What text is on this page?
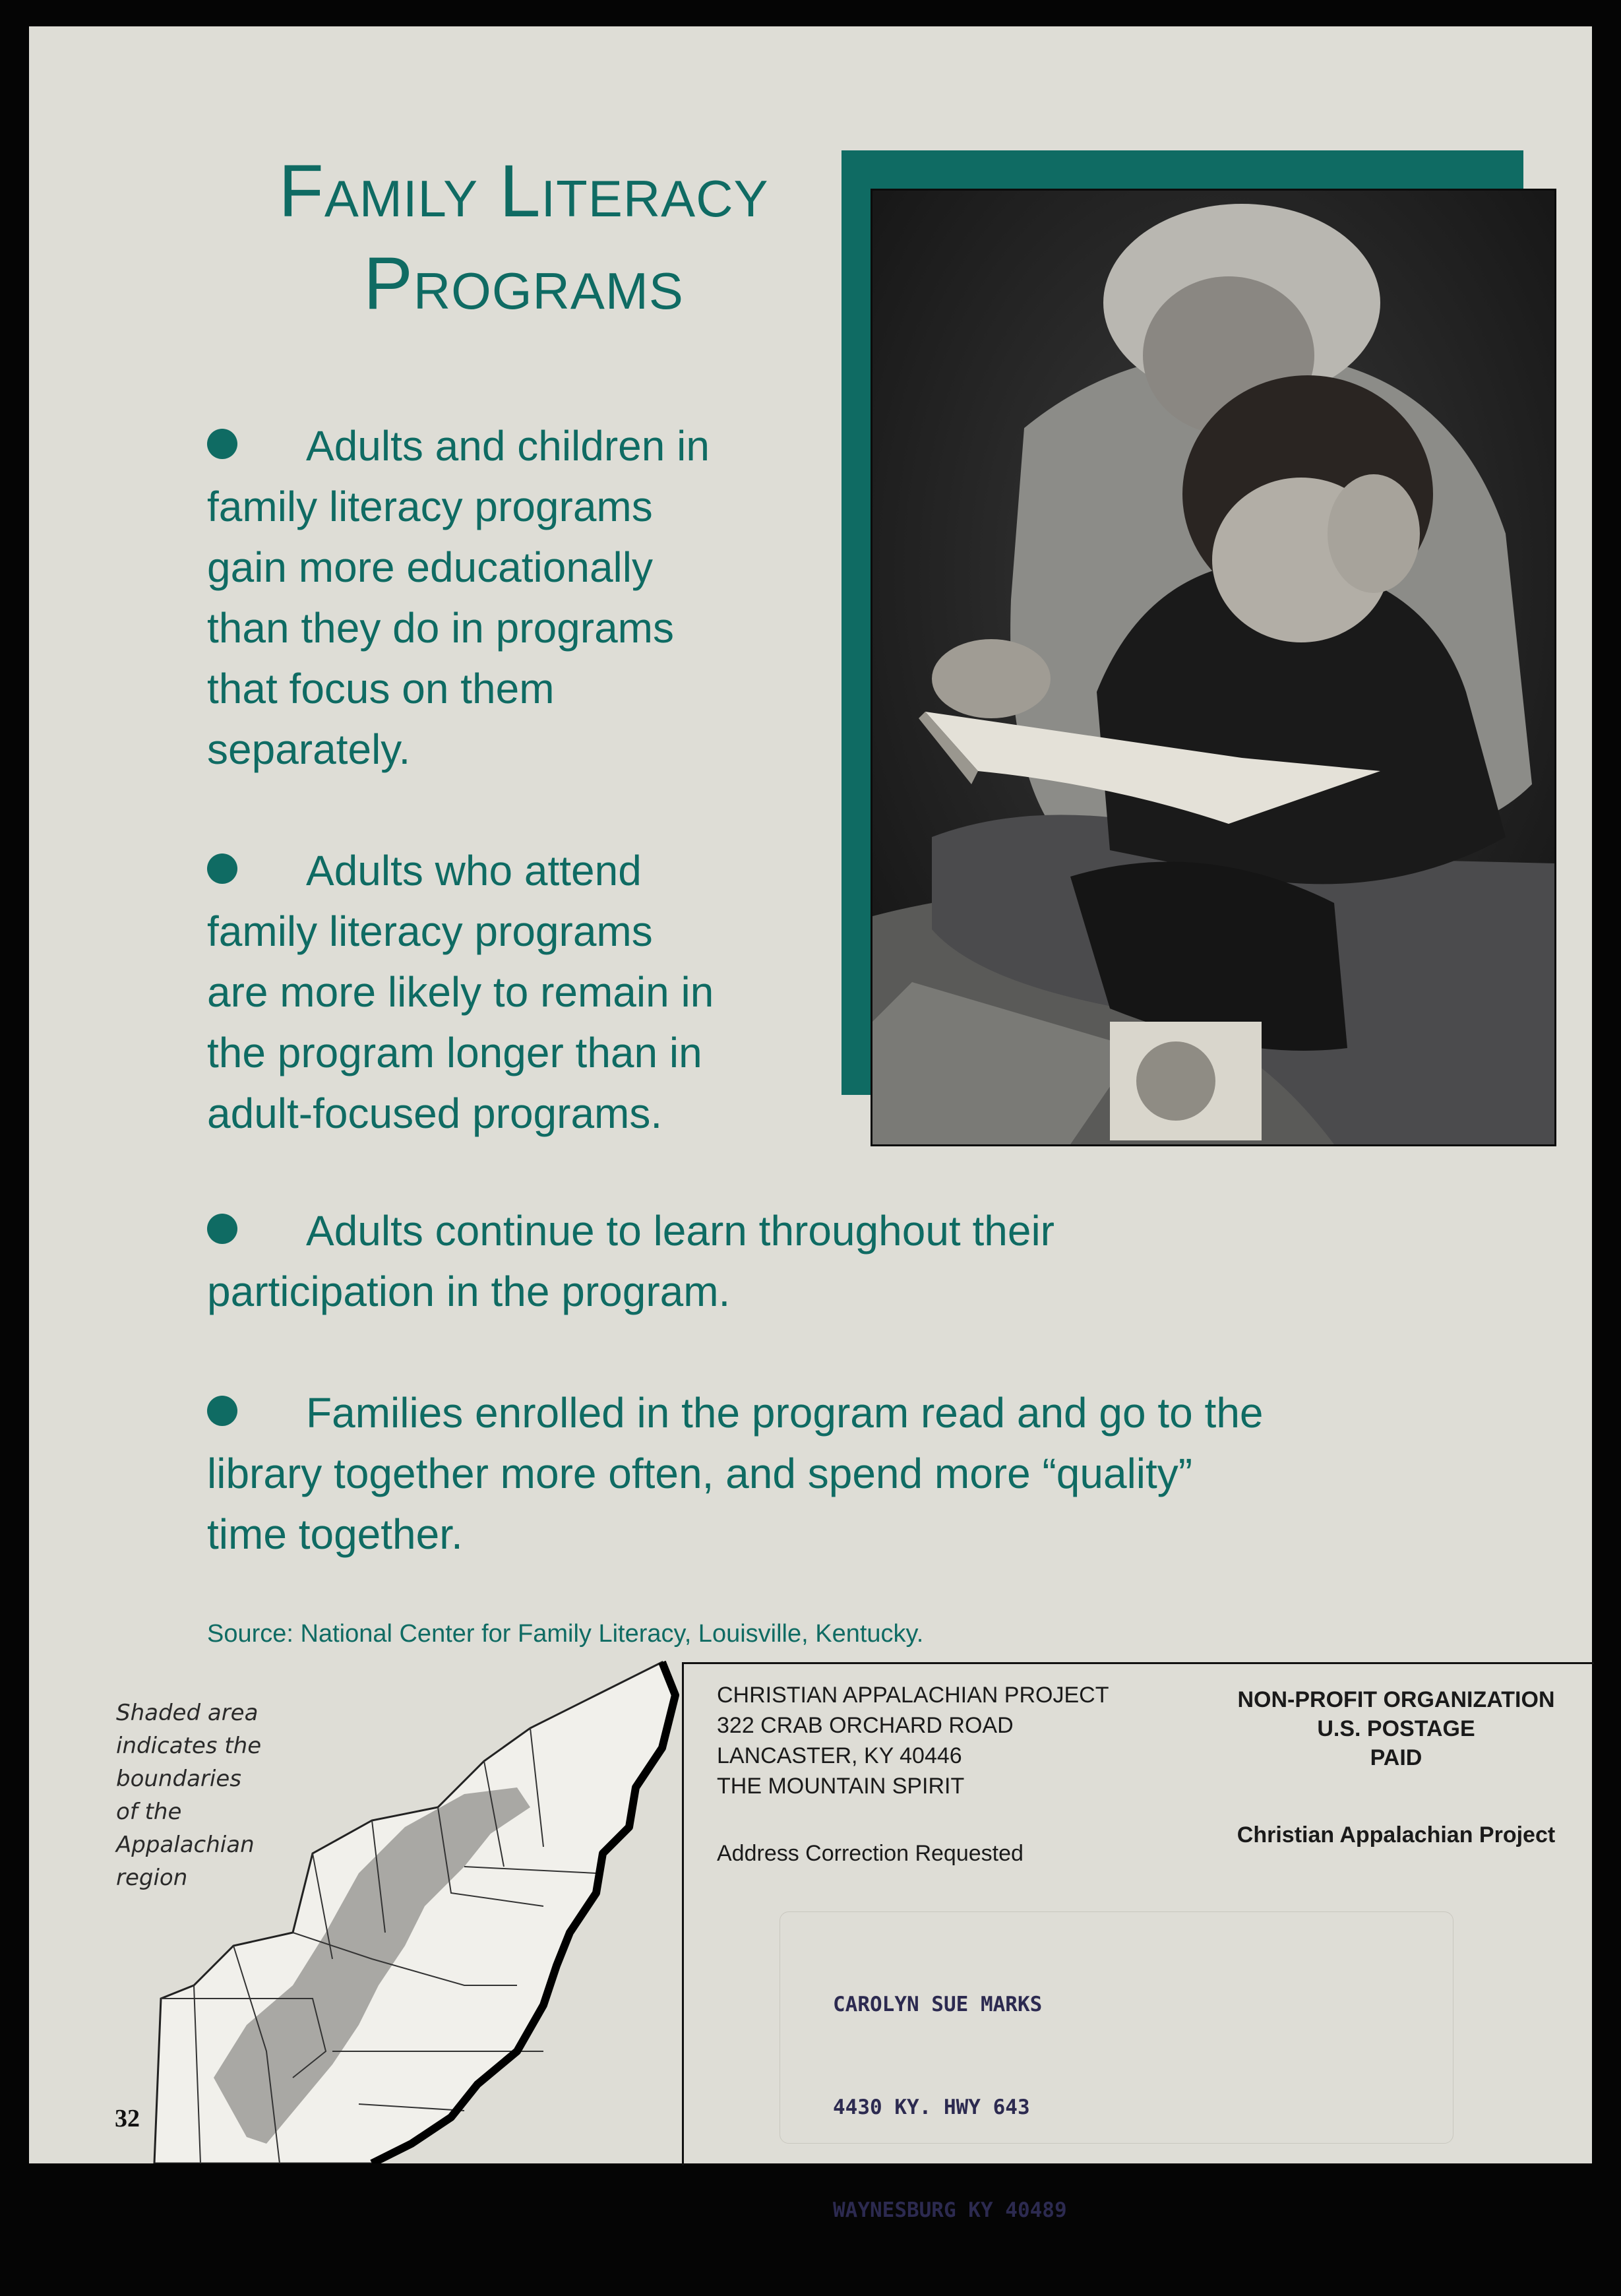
Family Literacy
Programs
Adults and children in
family literacy programs
gain more educationally
than they do in programs
that focus on them
separately.
Adults who attend
family literacy programs
are more likely to remain in
the program longer than in
adult-focused programs.
Adults continue to learn throughout their
participation in the program.
Families enrolled in the program read and go to the
library together more often, and spend more “quality”
time together.
Source: National Center for Family Literacy, Louisville, Kentucky.
Shaded area
indicates the
boundaries
of the
Appalachian
region
32
CHRISTIAN APPALACHIAN PROJECT
322 CRAB ORCHARD ROAD
LANCASTER, KY 40446
THE MOUNTAIN SPIRIT
Address Correction Requested
NON-PROFIT ORGANIZATION
U.S. POSTAGE
PAID
Christian Appalachian Project

CAROLYN SUE MARKS

4430 KY. HWY 643

WAYNESBURG KY 40489
